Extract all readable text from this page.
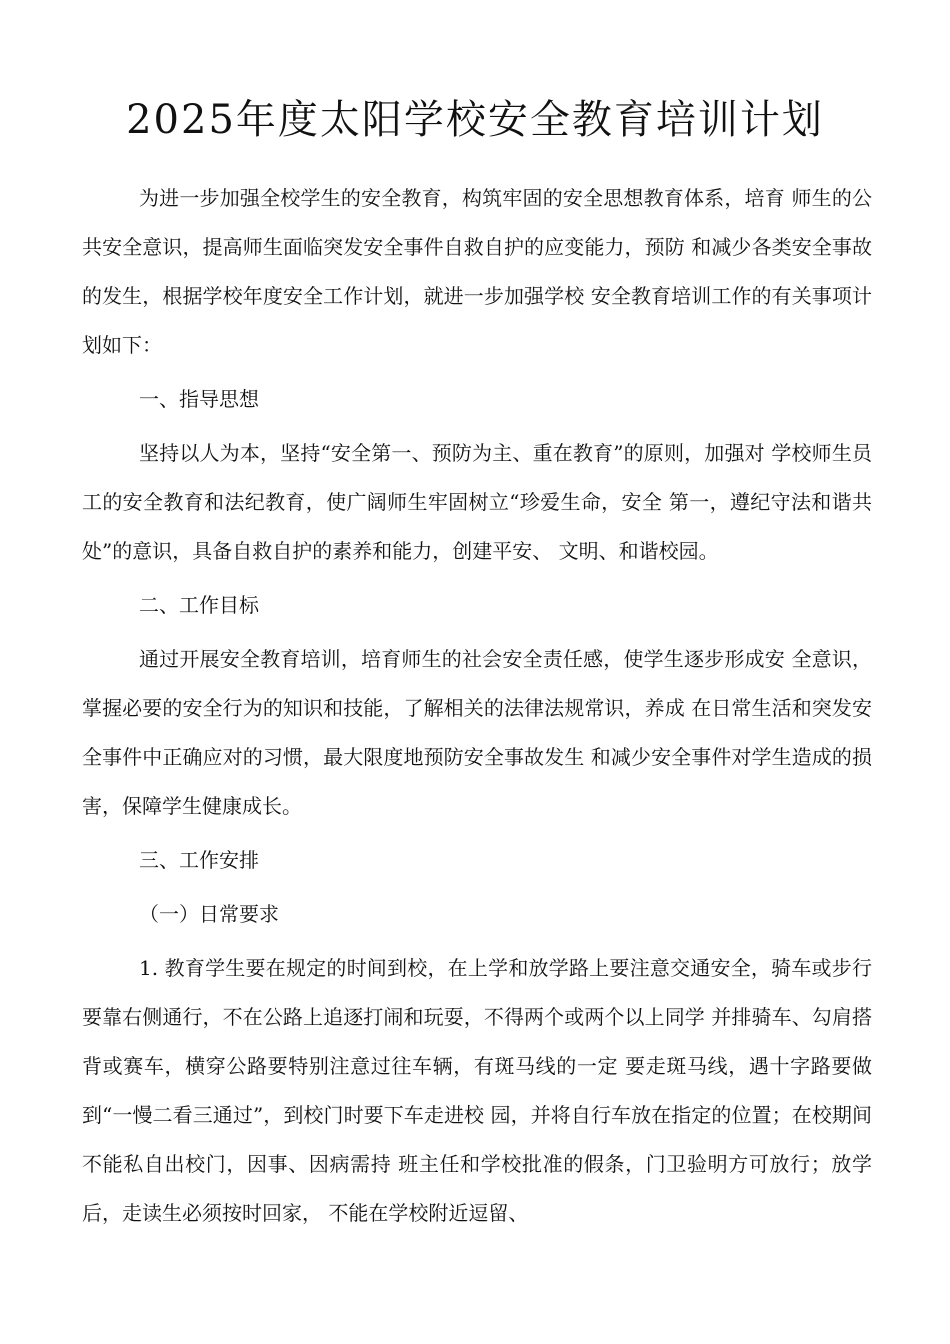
2025年度太阳学校安全教育培训计划

为进一步加强全校学生的安全教育，构筑牢固的安全思想教育体系，培育 师生的公共安全意识，提高师生面临突发安全事件自救自护的应变能力，预防 和减少各类安全事故的发生，根据学校年度安全工作计划，就进一步加强学校 安全教育培训工作的有关事项计划如下：

一、指导思想

坚持以人为本，坚持“安全第一、预防为主、重在教育”的原则，加强对 学校师生员工的安全教育和法纪教育，使广阔师生牢固树立“珍爱生命，安全 第一，遵纪守法和谐共处”的意识，具备自救自护的素养和能力，创建平安、 文明、和谐校园。

二、工作目标

通过开展安全教育培训，培育师生的社会安全责任感，使学生逐步形成安 全意识，掌握必要的安全行为的知识和技能，了解相关的法律法规常识，养成 在日常生活和突发安全事件中正确应对的习惯，最大限度地预防安全事故发生 和减少安全事件对学生造成的损害，保障学生健康成长。

三、工作安排

（一）日常要求

1. 教育学生要在规定的时间到校，在上学和放学路上要注意交通安全，骑车或步行要靠右侧通行，不在公路上追逐打闹和玩耍，不得两个或两个以上同学 并排骑车、勾肩搭背或赛车，横穿公路要特别注意过往车辆，有斑马线的一定 要走斑马线，遇十字路要做到“一慢二看三通过”，到校门时要下车走进校 园，并将自行车放在指定的位置；在校期间不能私自出校门，因事、因病需持 班主任和学校批准的假条，门卫验明方可放行；放学后，走读生必须按时回家， 不能在学校附近逗留、
